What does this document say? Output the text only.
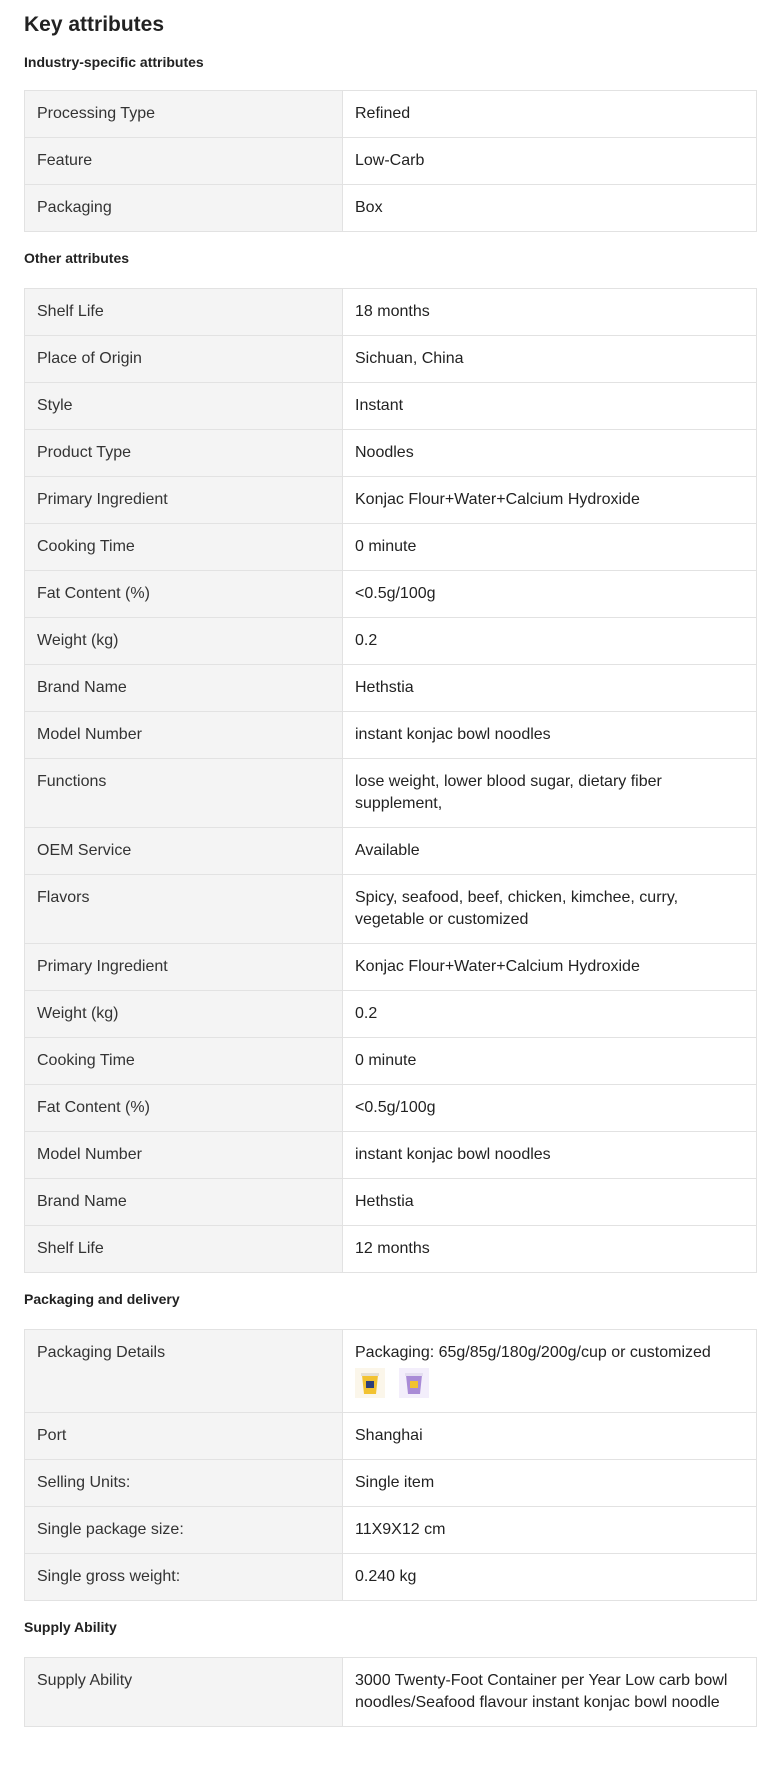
Key attributes
Industry-specific attributes
Processing Type	Refined
Feature	Low-Carb
Packaging	Box
Other attributes
Shelf Life	18 months
Place of Origin	Sichuan, China
Style	Instant
Product Type	Noodles
Primary Ingredient	Konjac Flour+Water+Calcium Hydroxide
Cooking Time	0 minute
Fat Content (%)	<0.5g/100g
Weight (kg)	0.2
Brand Name	Hethstia
Model Number	instant konjac bowl noodles
Functions	lose weight, lower blood sugar, dietary fiber supplement,
OEM Service	Available
Flavors	Spicy, seafood, beef, chicken, kimchee, curry, vegetable or customized
Primary Ingredient	Konjac Flour+Water+Calcium Hydroxide
Weight (kg)	0.2
Cooking Time	0 minute
Fat Content (%)	<0.5g/100g
Model Number	instant konjac bowl noodles
Brand Name	Hethstia
Shelf Life	12 months
Packaging and delivery
Packaging Details	Packaging: 65g/85g/180g/200g/cup or customized

Port	Shanghai
Selling Units:	Single item
Single package size:	11X9X12 cm
Single gross weight:	0.240 kg
Supply Ability
Supply Ability	3000 Twenty-Foot Container per Year Low carb bowl noodles/Seafood flavour instant konjac bowl noodle
